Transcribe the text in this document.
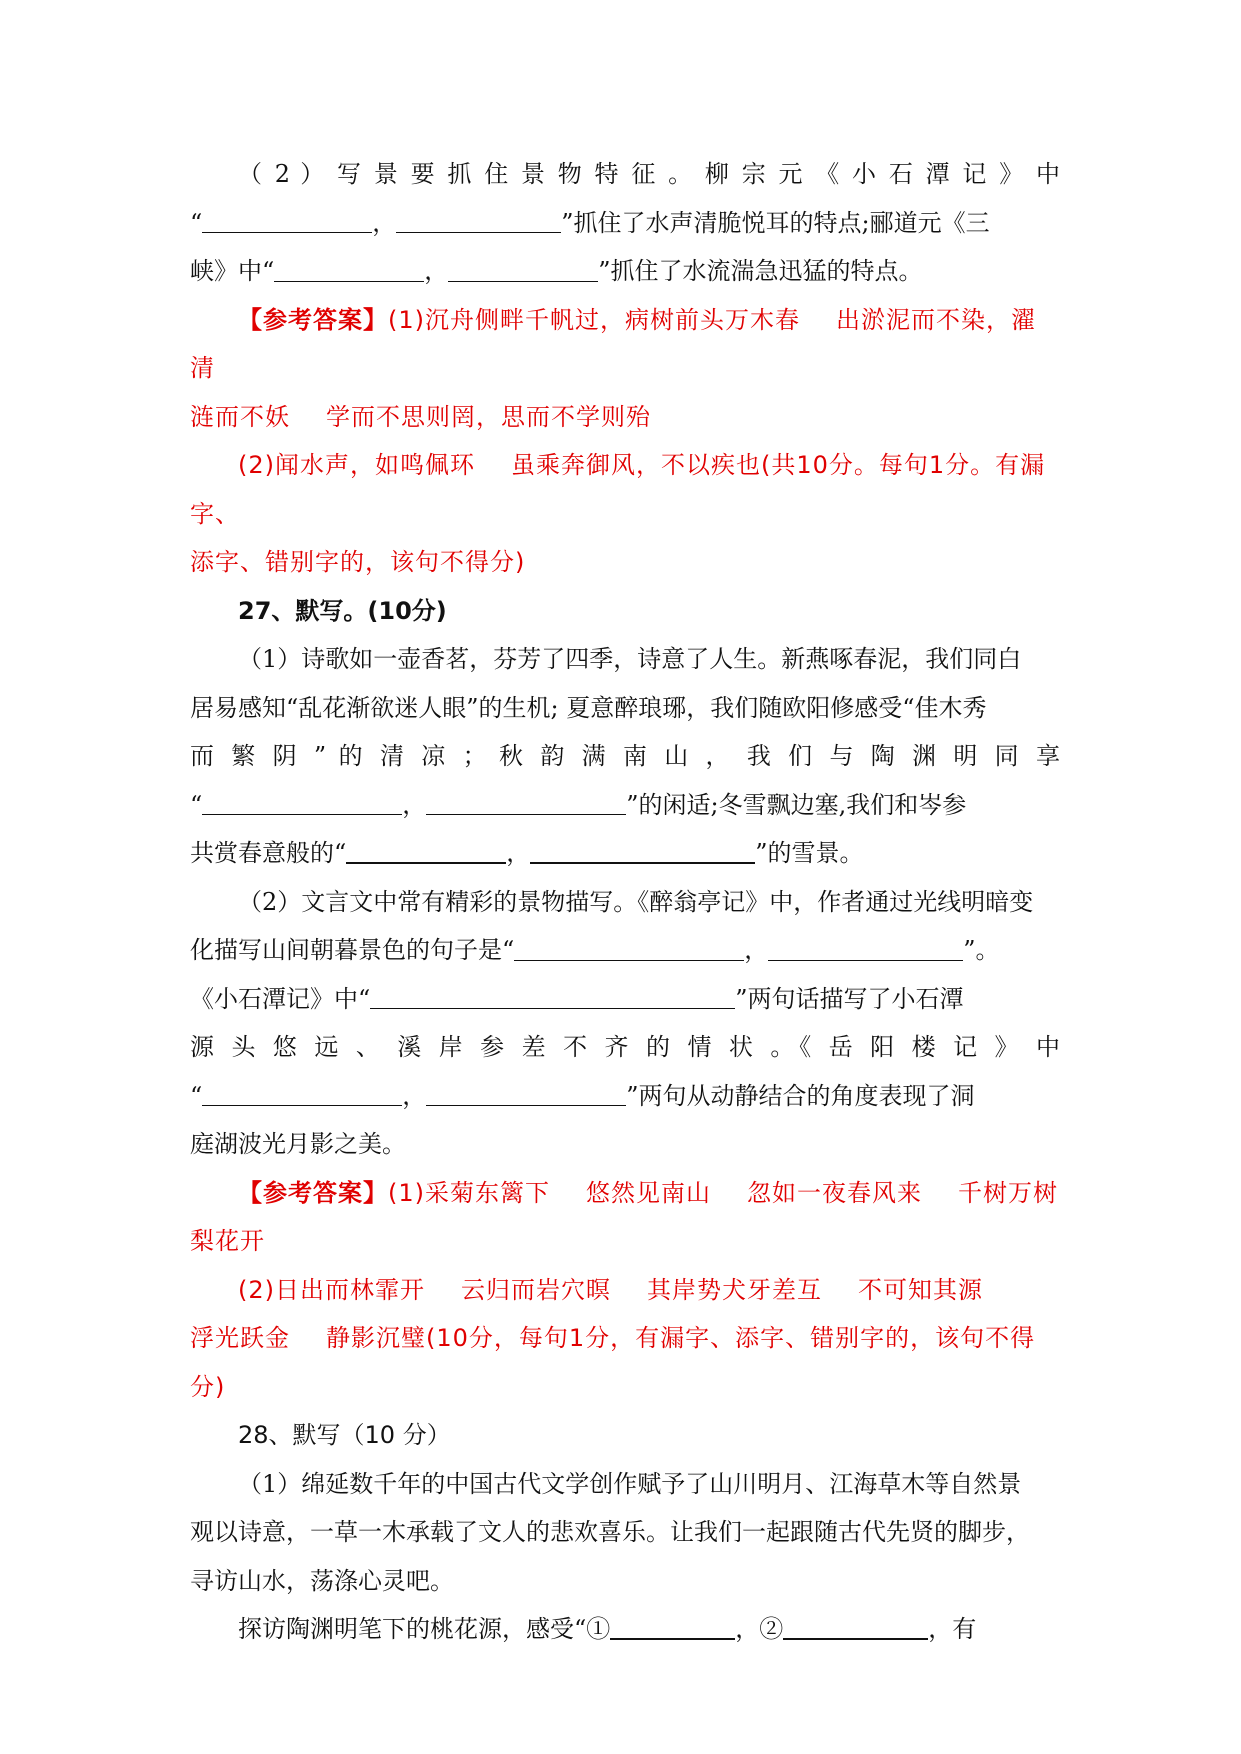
（ 2 ） 写 景 要 抓 住 景 物 特 征 。 柳 宗 元 《 小 石 潭 记 》 中

“	，	”抓住了水声清脆悦耳的特点;郦道元《三

峡》中“	，	”抓住了水流湍急迅猛的特点。

【参考答案】(1)沉舟侧畔千帆过，病树前头万木春 出淤泥而不染，濯清

涟而不妖 学而不思则罔，思而不学则殆

(2)闻水声，如鸣佩环 虽乘奔御风，不以疾也(共10分。每句1分。有漏字、

添字、错别字的，该句不得分)

27、默写。(10分)

（1）诗歌如一壶香茗，芬芳了四季，诗意了人生。新燕啄春泥，我们同白

居易感知“乱花渐欲迷人眼”的生机; 夏意醉琅琊，我们随欧阳修感受“佳木秀

而 繁 阴 ” 的 清 凉 ； 秋 韵 满 南 山 ， 我 们 与 陶 渊 明 同 享

“	，	”的闲适;冬雪飘边塞,我们和岑参

共赏春意般的“	，	”的雪景。

（2）文言文中常有精彩的景物描写。《醉翁亭记》中，作者通过光线明暗变

化描写山间朝暮景色的句子是“	，	”。

《小石潭记》中“	”两句话描写了小石潭

源 头 悠 远 、 溪 岸 参 差 不 齐 的 情 状 。《 岳 阳 楼 记 》 中

“	，	”两句从动静结合的角度表现了洞

庭湖波光月影之美。

【参考答案】(1)采菊东篱下 悠然见南山 忽如一夜春风来 千树万树

梨花开

(2)日出而林霏开 云归而岩穴暝 其岸势犬牙差互 不可知其源

浮光跃金 静影沉璧(10分，每句1分，有漏字、添字、错别字的，该句不得

分)

28、默写（10 分）

（1）绵延数千年的中国古代文学创作赋予了山川明月、江海草木等自然景

观以诗意，一草一木承载了文人的悲欢喜乐。让我们一起跟随古代先贤的脚步，

寻访山水，荡涤心灵吧。

探访陶渊明笔下的桃花源，感受“①	，②	，有
